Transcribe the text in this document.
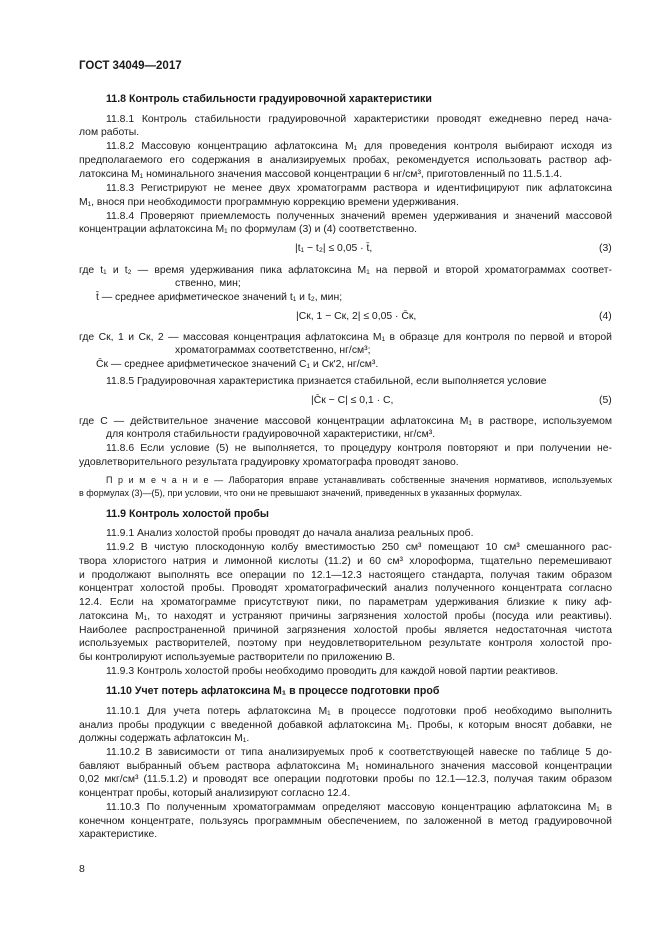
ГОСТ 34049—2017
11.8 Контроль стабильности градуировочной характеристики
11.8.1 Контроль стабильности градуировочной характеристики проводят ежедневно перед нача-
лом работы.
11.8.2 Массовую концентрацию афлатоксина M₁ для проведения контроля выбирают исходя из
предполагаемого его содержания в анализируемых пробах, рекомендуется использовать раствор аф-
латоксина M₁ номинального значения массовой концентрации 6 нг/см³, приготовленный по 11.5.1.4.
11.8.3 Регистрируют не менее двух хроматограмм раствора и идентифицируют пик афлатоксина
M₁, внося при необходимости программную коррекцию времени удерживания.
11.8.4 Проверяют приемлемость полученных значений времен удерживания и значений массовой
концентрации афлатоксина M₁ по формулам (3) и (4) соответственно.
|t₁ − t₂| ≤ 0,05 · t̄,	(3)
где t₁ и t₂ — время удерживания пика афлатоксина M₁ на первой и второй хроматограммах соответ-
ственно, мин;
t̄ — среднее арифметическое значений t₁ и t₂, мин;
|Cк, 1 − Cк, 2| ≤ 0,05 · C̄к,	(4)
где Cк, 1 и Cк, 2 — массовая концентрация афлатоксина M₁ в образце для контроля по первой и второй
хроматограммах соответственно, нг/см³;
C̄к — среднее арифметическое значений C₁ и Cк'2, нг/см³.
11.8.5 Градуировочная характеристика признается стабильной, если выполняется условие
|C̄к − C| ≤ 0,1 · C,	(5)
где C — действительное значение массовой концентрации афлатоксина M₁ в растворе, используемом
для контроля стабильности градуировочной характеристики, нг/см³.
11.8.6 Если условие (5) не выполняется, то процедуру контроля повторяют и при получении не-
удовлетворительного результата градуировку хроматографа проводят заново.
П р и м е ч а н и е — Лаборатория вправе устанавливать собственные значения нормативов, используемых
в формулах (3)—(5), при условии, что они не превышают значений, приведенных в указанных формулах.
11.9 Контроль холостой пробы
11.9.1 Анализ холостой пробы проводят до начала анализа реальных проб.
11.9.2 В чистую плоскодонную колбу вместимостью 250 см³ помещают 10 см³ смешанного рас-
твора хлористого натрия и лимонной кислоты (11.2) и 60 см³ хлороформа, тщательно перемешивают
и продолжают выполнять все операции по 12.1—12.3 настоящего стандарта, получая таким образом
концентрат холостой пробы. Проводят хроматографический анализ полученного концентрата согласно
12.4. Если на хроматограмме присутствуют пики, по параметрам удерживания близкие к пику аф-
латоксина M₁, то находят и устраняют причины загрязнения холостой пробы (посуда или реактивы).
Наиболее распространенной причиной загрязнения холостой пробы является недостаточная чистота
используемых растворителей, поэтому при неудовлетворительном результате контроля холостой про-
бы контролируют используемые растворители по приложению В.
11.9.3 Контроль холостой пробы необходимо проводить для каждой новой партии реактивов.
11.10 Учет потерь афлатоксина M₁ в процессе подготовки проб
11.10.1 Для учета потерь афлатоксина M₁ в процессе подготовки проб необходимо выполнить
анализ пробы продукции с введенной добавкой афлатоксина M₁. Пробы, к которым вносят добавки, не
должны содержать афлатоксин M₁.
11.10.2 В зависимости от типа анализируемых проб к соответствующей навеске по таблице 5 до-
бавляют выбранный объем раствора афлатоксина M₁ номинального значения массовой концентрации
0,02 мкг/см³ (11.5.1.2) и проводят все операции подготовки пробы по 12.1—12.3, получая таким образом
концентрат пробы, который анализируют согласно 12.4.
11.10.3 По полученным хроматограммам определяют массовую концентрацию афлатоксина M₁ в
конечном концентрате, пользуясь программным обеспечением, по заложенной в метод градуировочной
характеристике.
8
